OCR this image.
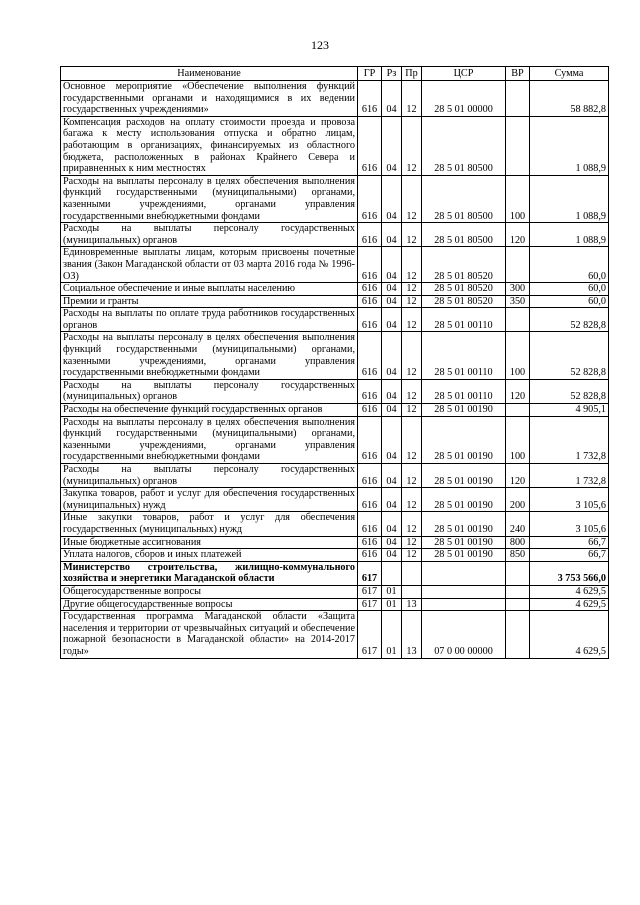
123
Наименование	ГР	Рз	Пр	ЦСР	ВР	Сумма
Основное мероприятие «Обеспечение выполнения функций государственными органами и находящимися в их ведении государственных учреждениями»	616	04	12	28 5 01 00000		58 882,8
Компенсация расходов на оплату стоимости проезда и провоза багажа к месту использования отпуска и обратно лицам, работающим в организациях, финансируемых из областного бюджета, расположенных в районах Крайнего Севера и приравненных к ним местностях	616	04	12	28 5 01 80500		1 088,9
Расходы на выплаты персоналу в целях обеспечения выполнения функций государственными (муниципальными) органами, казенными учреждениями, органами управления государственными внебюджетными фондами	616	04	12	28 5 01 80500	100	1 088,9
Расходы на выплаты персоналу государственных (муниципальных) органов	616	04	12	28 5 01 80500	120	1 088,9
Единовременные выплаты лицам, которым присвоены почетные звания (Закон Магаданской области от 03 марта 2016 года № 1996-ОЗ)	616	04	12	28 5 01 80520		60,0
Социальное обеспечение и иные выплаты населению	616	04	12	28 5 01 80520	300	60,0
Премии и гранты	616	04	12	28 5 01 80520	350	60,0
Расходы на выплаты по оплате труда работников государственных органов	616	04	12	28 5 01 00110		52 828,8
Расходы на выплаты персоналу в целях обеспечения выполнения функций государственными (муниципальными) органами, казенными учреждениями, органами управления государственными внебюджетными фондами	616	04	12	28 5 01 00110	100	52 828,8
Расходы на выплаты персоналу государственных (муниципальных) органов	616	04	12	28 5 01 00110	120	52 828,8
Расходы на обеспечение функций государственных органов	616	04	12	28 5 01 00190		4 905,1
Расходы на выплаты персоналу в целях обеспечения выполнения функций государственными (муниципальными) органами, казенными учреждениями, органами управления государственными внебюджетными фондами	616	04	12	28 5 01 00190	100	1 732,8
Расходы на выплаты персоналу государственных (муниципальных) органов	616	04	12	28 5 01 00190	120	1 732,8
Закупка товаров, работ и услуг для обеспечения государственных (муниципальных) нужд	616	04	12	28 5 01 00190	200	3 105,6
Иные закупки товаров, работ и услуг для обеспечения государственных (муниципальных) нужд	616	04	12	28 5 01 00190	240	3 105,6
Иные бюджетные ассигнования	616	04	12	28 5 01 00190	800	66,7
Уплата налогов, сборов и иных платежей	616	04	12	28 5 01 00190	850	66,7
Министерство строительства, жилищно-коммунального хозяйства и энергетики Магаданской области	617					3 753 566,0
Общегосударственные вопросы	617	01				4 629,5
Другие общегосударственные вопросы	617	01	13			4 629,5
Государственная программа Магаданской области «Защита населения и территории от чрезвычайных ситуаций и обеспечение пожарной безопасности в Магаданской области» на 2014-2017 годы»	617	01	13	07 0 00 00000		4 629,5
